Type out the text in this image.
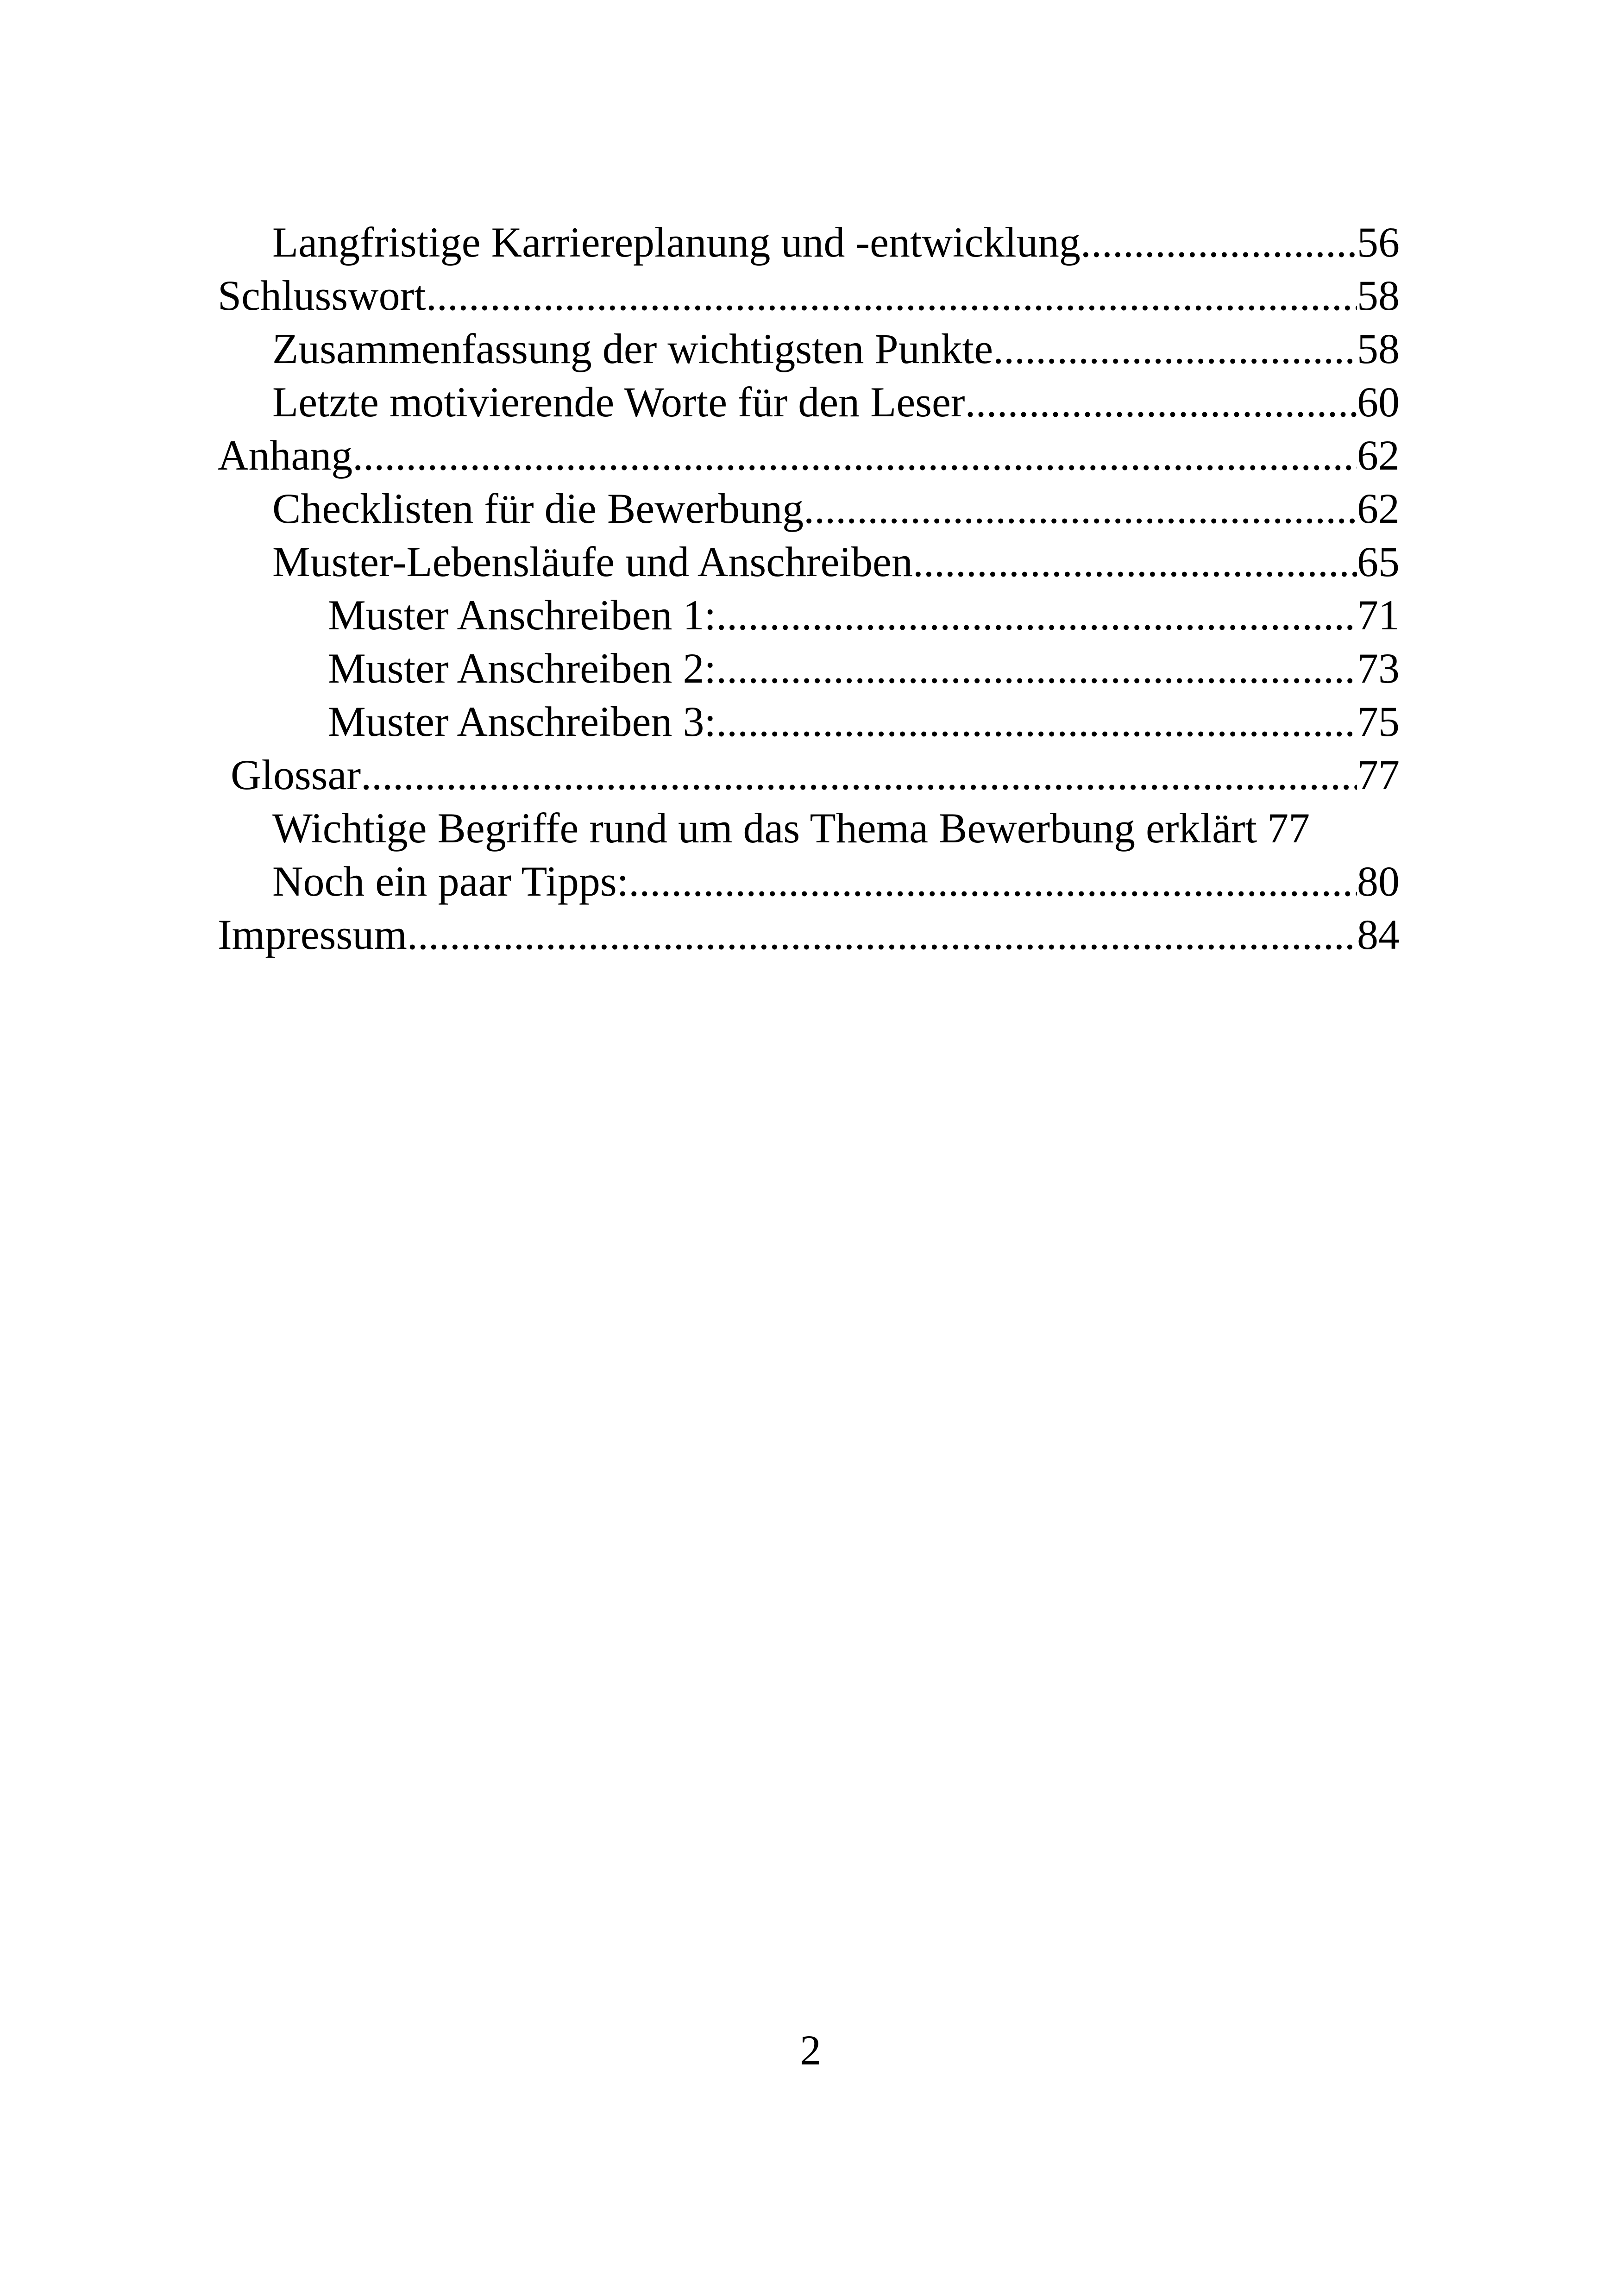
Langfristige Karriereplanung und -entwicklung .....	56
Schlusswort .....	58
Zusammenfassung der wichtigsten Punkte .....	58
Letzte motivierende Worte für den Leser .....	60
Anhang .....	62
Checklisten für die Bewerbung .....	62
Muster-Lebensläufe und Anschreiben .....	65
Muster Anschreiben 1: .....	71
Muster Anschreiben 2: .....	73
Muster Anschreiben 3: .....	75
Glossar .....	77
Wichtige Begriffe rund um das Thema Bewerbung erklärt 77
Noch ein paar Tipps: .....	80
Impressum .....	84
2
